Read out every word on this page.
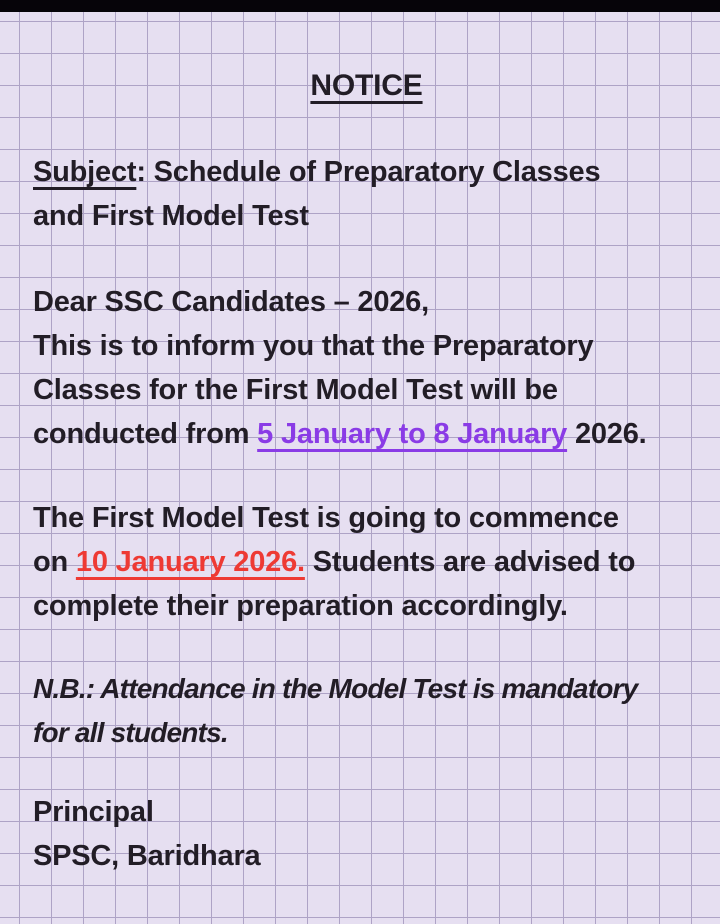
NOTICE
Subject: Schedule of Preparatory Classes
and First Model Test
Dear SSC Candidates – 2026,
This is to inform you that the Preparatory
Classes for the First Model Test will be
conducted from 5 January to 8 January 2026.
The First Model Test is going to commence
on 10 January 2026. Students are advised to
complete their preparation accordingly.
N.B.: Attendance in the Model Test is mandatory
for all students.
Principal
SPSC, Baridhara
